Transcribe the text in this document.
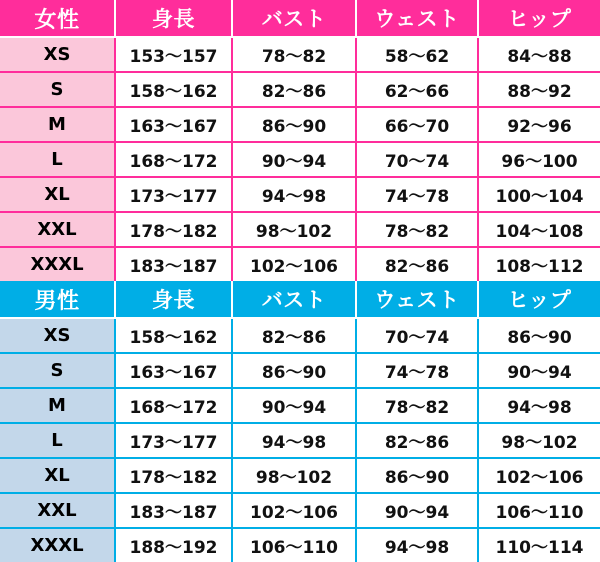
女性	身長	バスト	ウェスト	ヒップ
XS	153〜157	78〜82	58〜62	84〜88
S	158〜162	82〜86	62〜66	88〜92
M	163〜167	86〜90	66〜70	92〜96
L	168〜172	90〜94	70〜74	96〜100
XL	173〜177	94〜98	74〜78	100〜104
XXL	178〜182	98〜102	78〜82	104〜108
XXXL	183〜187	102〜106	82〜86	108〜112
男性	身長	バスト	ウェスト	ヒップ
XS	158〜162	82〜86	70〜74	86〜90
S	163〜167	86〜90	74〜78	90〜94
M	168〜172	90〜94	78〜82	94〜98
L	173〜177	94〜98	82〜86	98〜102
XL	178〜182	98〜102	86〜90	102〜106
XXL	183〜187	102〜106	90〜94	106〜110
XXXL	188〜192	106〜110	94〜98	110〜114
